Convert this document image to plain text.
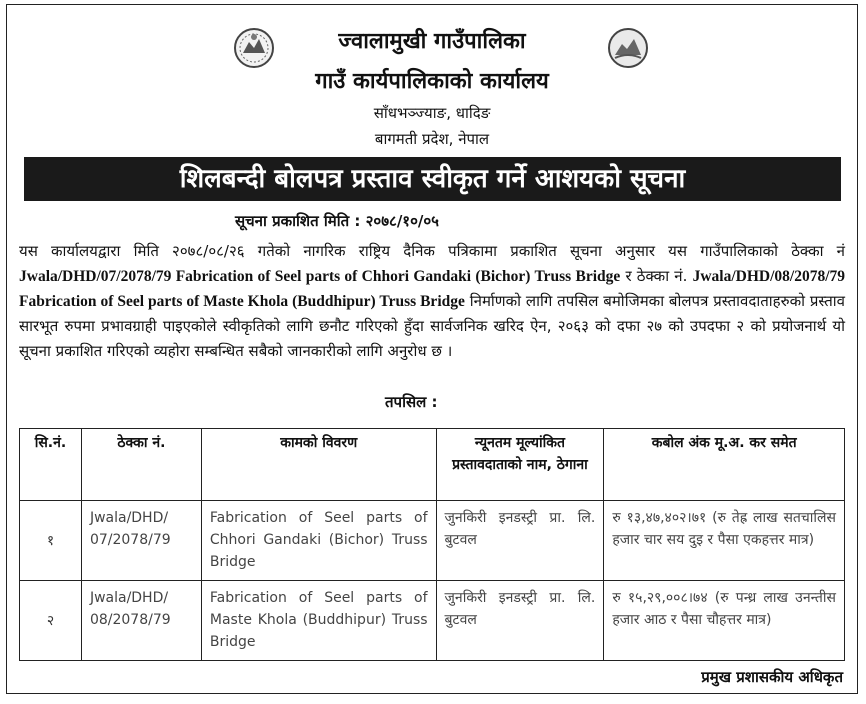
ज्वालामुखी गाउँपालिका
गाउँ कार्यपालिकाको कार्यालय
साँधभञ्ज्याङ, धादिङ
बागमती प्रदेश, नेपाल
शिलबन्दी बोलपत्र प्रस्ताव स्वीकृत गर्ने आशयको सूचना
सूचना प्रकाशित मिति : २०७८/१०/०५
यस कार्यालयद्वारा मिति २०७८/०८/२६ गतेको नागरिक राष्ट्रिय दैनिक पत्रिकामा प्रकाशित सूचना अनुसार यस गाउँपालिकाको ठेक्का नं Jwala/DHD/07/2078/79 Fabrication of Seel parts of Chhori Gandaki (Bichor) Truss Bridge र ठेक्का नं. Jwala/DHD/08/2078/79 Fabrication of Seel parts of Maste Khola (Buddhipur) Truss Bridge निर्माणको लागि तपसिल बमोजिमका बोलपत्र प्रस्तावदाताहरुको प्रस्ताव सारभूत रुपमा प्रभावग्राही पाइएकोले स्वीकृतिको लागि छनौट गरिएको हुँदा सार्वजनिक खरिद ऐन, २०६३ को दफा २७ को उपदफा २ को प्रयोजनार्थ यो सूचना प्रकाशित गरिएको व्यहोरा सम्बन्धित सबैको जानकारीको लागि अनुरोध छ ।
तपसिल :
सि.नं.	ठेक्का नं.	कामको विवरण	न्यूनतम मूल्यांकित प्रस्तावदाताको नाम, ठेगाना	कबोल अंक मू.अ. कर समेत
१	Jwala/DHD/ 07/2078/79	Fabrication of Seel parts of Chhori Gandaki (Bichor) Truss Bridge	जुनकिरी इनडस्ट्री प्रा. लि. बुटवल	रु १३,४७,४०२।७१ (रु तेह्र लाख सतचालिस हजार चार सय दुइ र पैसा एकहत्तर मात्र)
२	Jwala/DHD/ 08/2078/79	Fabrication of Seel parts of Maste Khola (Buddhipur) Truss Bridge	जुनकिरी इनडस्ट्री प्रा. लि. बुटवल	रु १५,२९,००८।७४ (रु पन्ध्र लाख उनन्तीस हजार आठ र पैसा चौहत्तर मात्र)
प्रमुख प्रशासकीय अधिकृत
